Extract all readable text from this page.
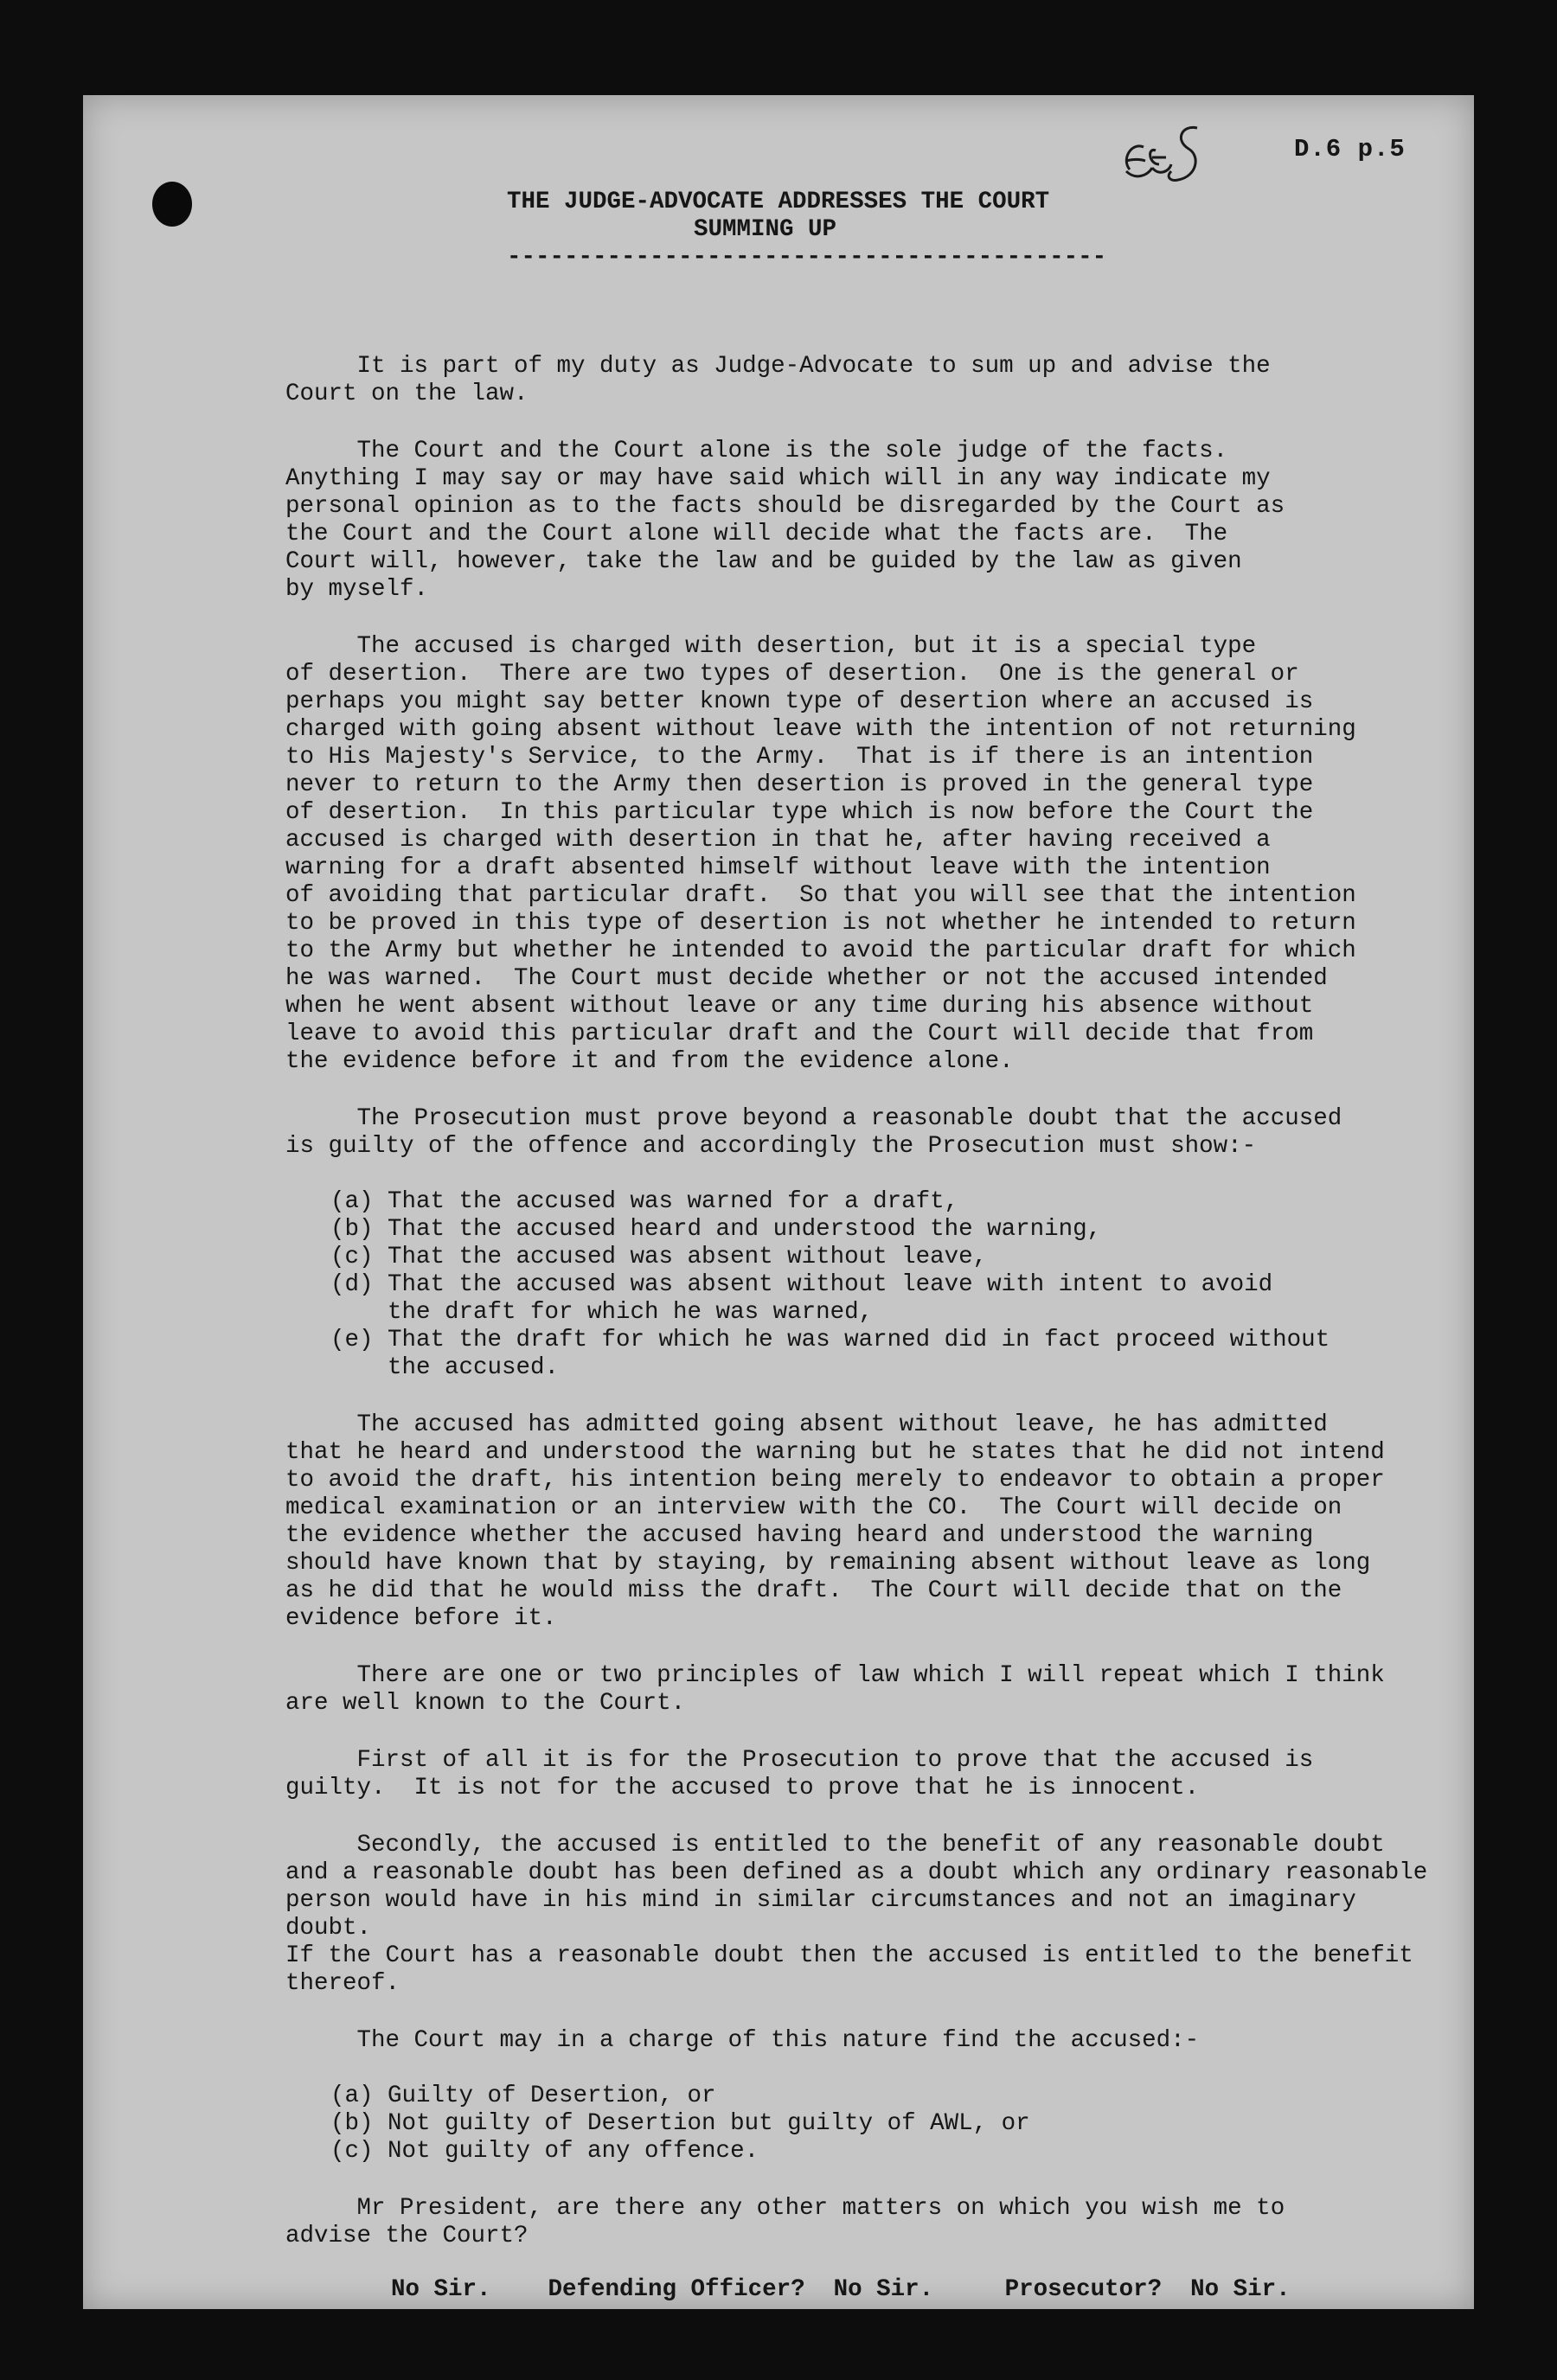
D.6 p.5
THE JUDGE-ADVOCATE ADDRESSES THE COURT
SUMMING UP
------------------------------------------

It is part of my duty as Judge-Advocate to sum up and advise the
Court on the law.

The Court and the Court alone is the sole judge of the facts.
Anything I may say or may have said which will in any way indicate my
personal opinion as to the facts should be disregarded by the Court as
the Court and the Court alone will decide what the facts are.  The
Court will, however, take the law and be guided by the law as given
by myself.

The accused is charged with desertion, but it is a special type
of desertion.  There are two types of desertion.  One is the general or
perhaps you might say better known type of desertion where an accused is
charged with going absent without leave with the intention of not returning
to His Majesty's Service, to the Army.  That is if there is an intention
never to return to the Army then desertion is proved in the general type
of desertion.  In this particular type which is now before the Court the
accused is charged with desertion in that he, after having received a
warning for a draft absented himself without leave with the intention
of avoiding that particular draft.  So that you will see that the intention
to be proved in this type of desertion is not whether he intended to return
to the Army but whether he intended to avoid the particular draft for which
he was warned.  The Court must decide whether or not the accused intended
when he went absent without leave or any time during his absence without
leave to avoid this particular draft and the Court will decide that from
the evidence before it and from the evidence alone.

The Prosecution must prove beyond a reasonable doubt that the accused
is guilty of the offence and accordingly the Prosecution must show:-

(a) That the accused was warned for a draft,
(b) That the accused heard and understood the warning,
(c) That the accused was absent without leave,
(d) That the accused was absent without leave with intent to avoid
the draft for which he was warned,
(e) That the draft for which he was warned did in fact proceed without
the accused.

The accused has admitted going absent without leave, he has admitted
that he heard and understood the warning but he states that he did not intend
to avoid the draft, his intention being merely to endeavor to obtain a proper
medical examination or an interview with the CO.  The Court will decide on
the evidence whether the accused having heard and understood the warning
should have known that by staying, by remaining absent without leave as long
as he did that he would miss the draft.  The Court will decide that on the
evidence before it.

There are one or two principles of law which I will repeat which I think
are well known to the Court.

First of all it is for the Prosecution to prove that the accused is
guilty.  It is not for the accused to prove that he is innocent.

Secondly, the accused is entitled to the benefit of any reasonable doubt
and a reasonable doubt has been defined as a doubt which any ordinary reasonable
person would have in his mind in similar circumstances and not an imaginary doubt.
If the Court has a reasonable doubt then the accused is entitled to the benefit
thereof.

The Court may in a charge of this nature find the accused:-

(a) Guilty of Desertion, or
(b) Not guilty of Desertion but guilty of AWL, or
(c) Not guilty of any offence.

Mr President, are there any other matters on which you wish me to
advise the Court?

No Sir.    Defending Officer?  No Sir.     Prosecutor?  No Sir.
